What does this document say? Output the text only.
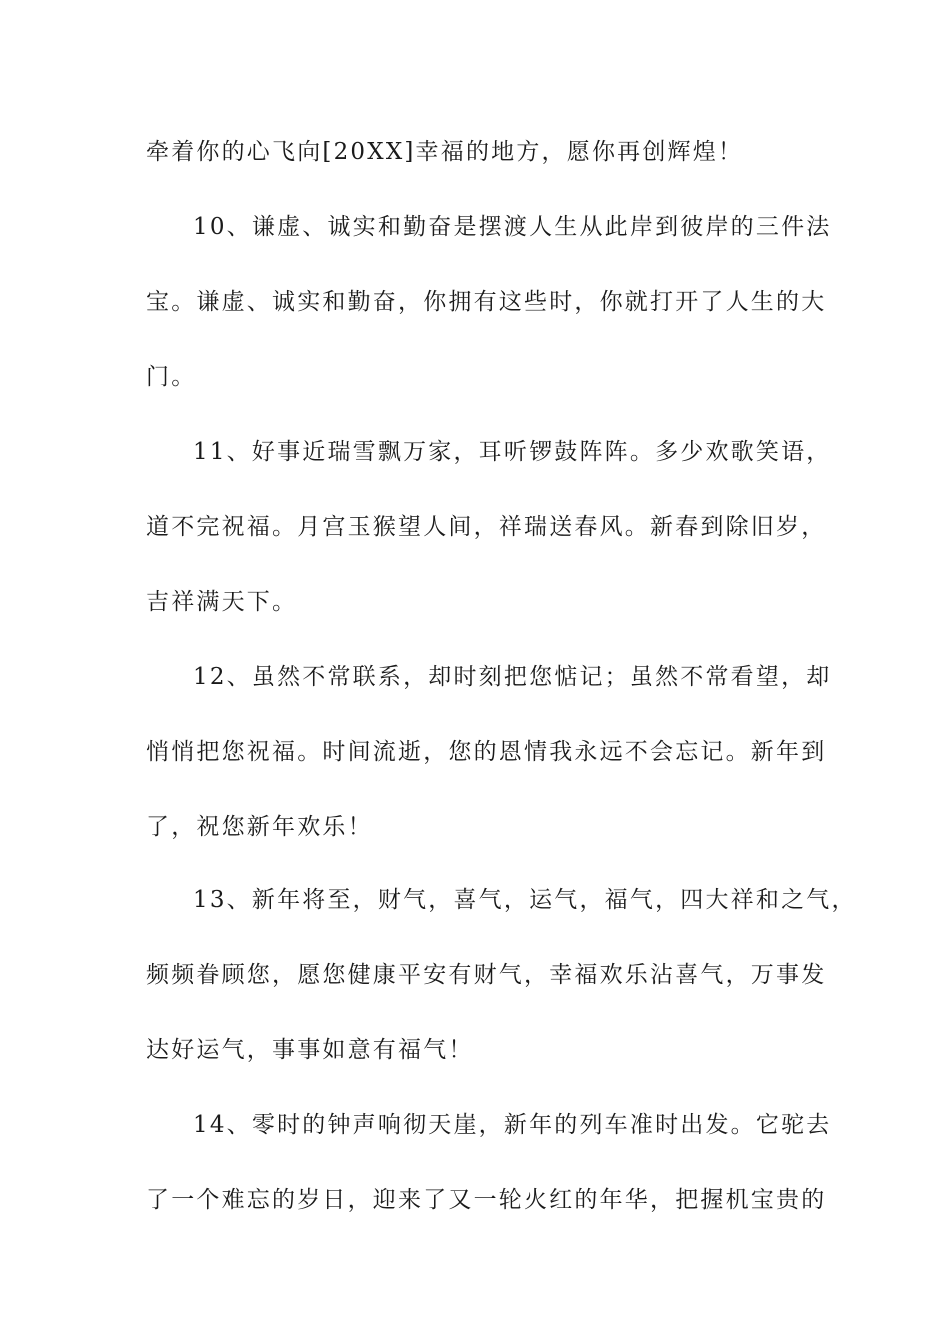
牵着你的心飞向[20XX]幸福的地方，愿你再创辉煌！
10、谦虚、诚实和勤奋是摆渡人生从此岸到彼岸的三件法
宝。谦虚、诚实和勤奋，你拥有这些时，你就打开了人生的大
门。
11、好事近瑞雪飘万家，耳听锣鼓阵阵。多少欢歌笑语，
道不完祝福。月宫玉猴望人间，祥瑞送春风。新春到除旧岁，
吉祥满天下。
12、虽然不常联系，却时刻把您惦记；虽然不常看望，却
悄悄把您祝福。时间流逝，您的恩情我永远不会忘记。新年到
了，祝您新年欢乐！
13、新年将至，财气，喜气，运气，福气，四大祥和之气，
频频眷顾您，愿您健康平安有财气，幸福欢乐沾喜气，万事发
达好运气，事事如意有福气！
14、零时的钟声响彻天崖，新年的列车准时出发。它驼去
了一个难忘的岁日，迎来了又一轮火红的年华，把握机宝贵的
